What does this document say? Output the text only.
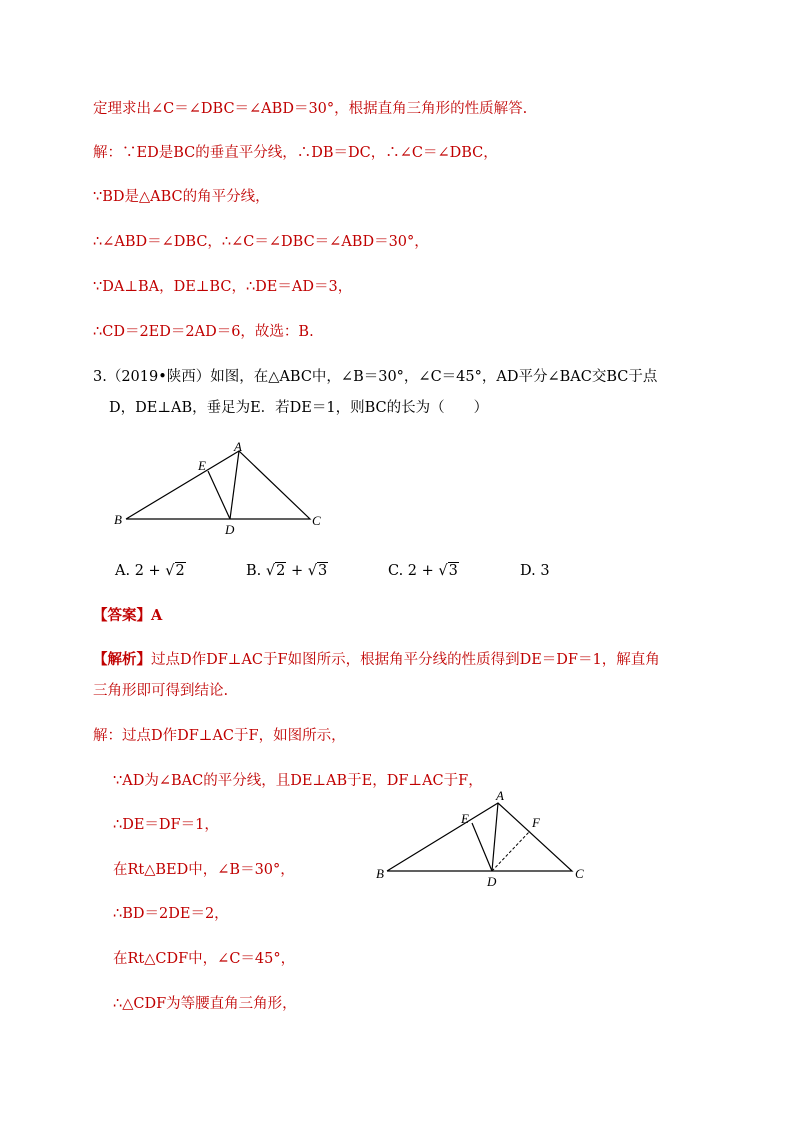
定理求出∠C＝∠DBC＝∠ABD＝30°，根据直角三角形的性质解答.
解：∵ED是BC的垂直平分线，∴DB＝DC，∴∠C＝∠DBC，
∵BD是△ABC的角平分线，
∴∠ABD＝∠DBC，∴∠C＝∠DBC＝∠ABD＝30°，
∵DA⊥BA，DE⊥BC，∴DE＝AD＝3，
∴CD＝2ED＝2AD＝6，故选：B.
3.（2019•陕西）如图，在△ABC中，∠B＝30°，∠C＝45°，AD平分∠BAC交BC于点
D，DE⊥AB，垂足为E．若DE＝1，则BC的长为（　　）
A
E
B
D
C
A. 2 + √2	B. √2 + √3	C. 2 + √3	D. 3
【答案】A
【解析】过点D作DF⊥AC于F如图所示，根据角平分线的性质得到DE＝DF＝1，解直角
三角形即可得到结论.
解：过点D作DF⊥AC于F，如图所示，
∵AD为∠BAC的平分线，且DE⊥AB于E，DF⊥AC于F，
∴DE＝DF＝1，
在Rt△BED中，∠B＝30°，
∴BD＝2DE＝2，
在Rt△CDF中，∠C＝45°，
∴△CDF为等腰直角三角形，
A
E	F
B
D
C
